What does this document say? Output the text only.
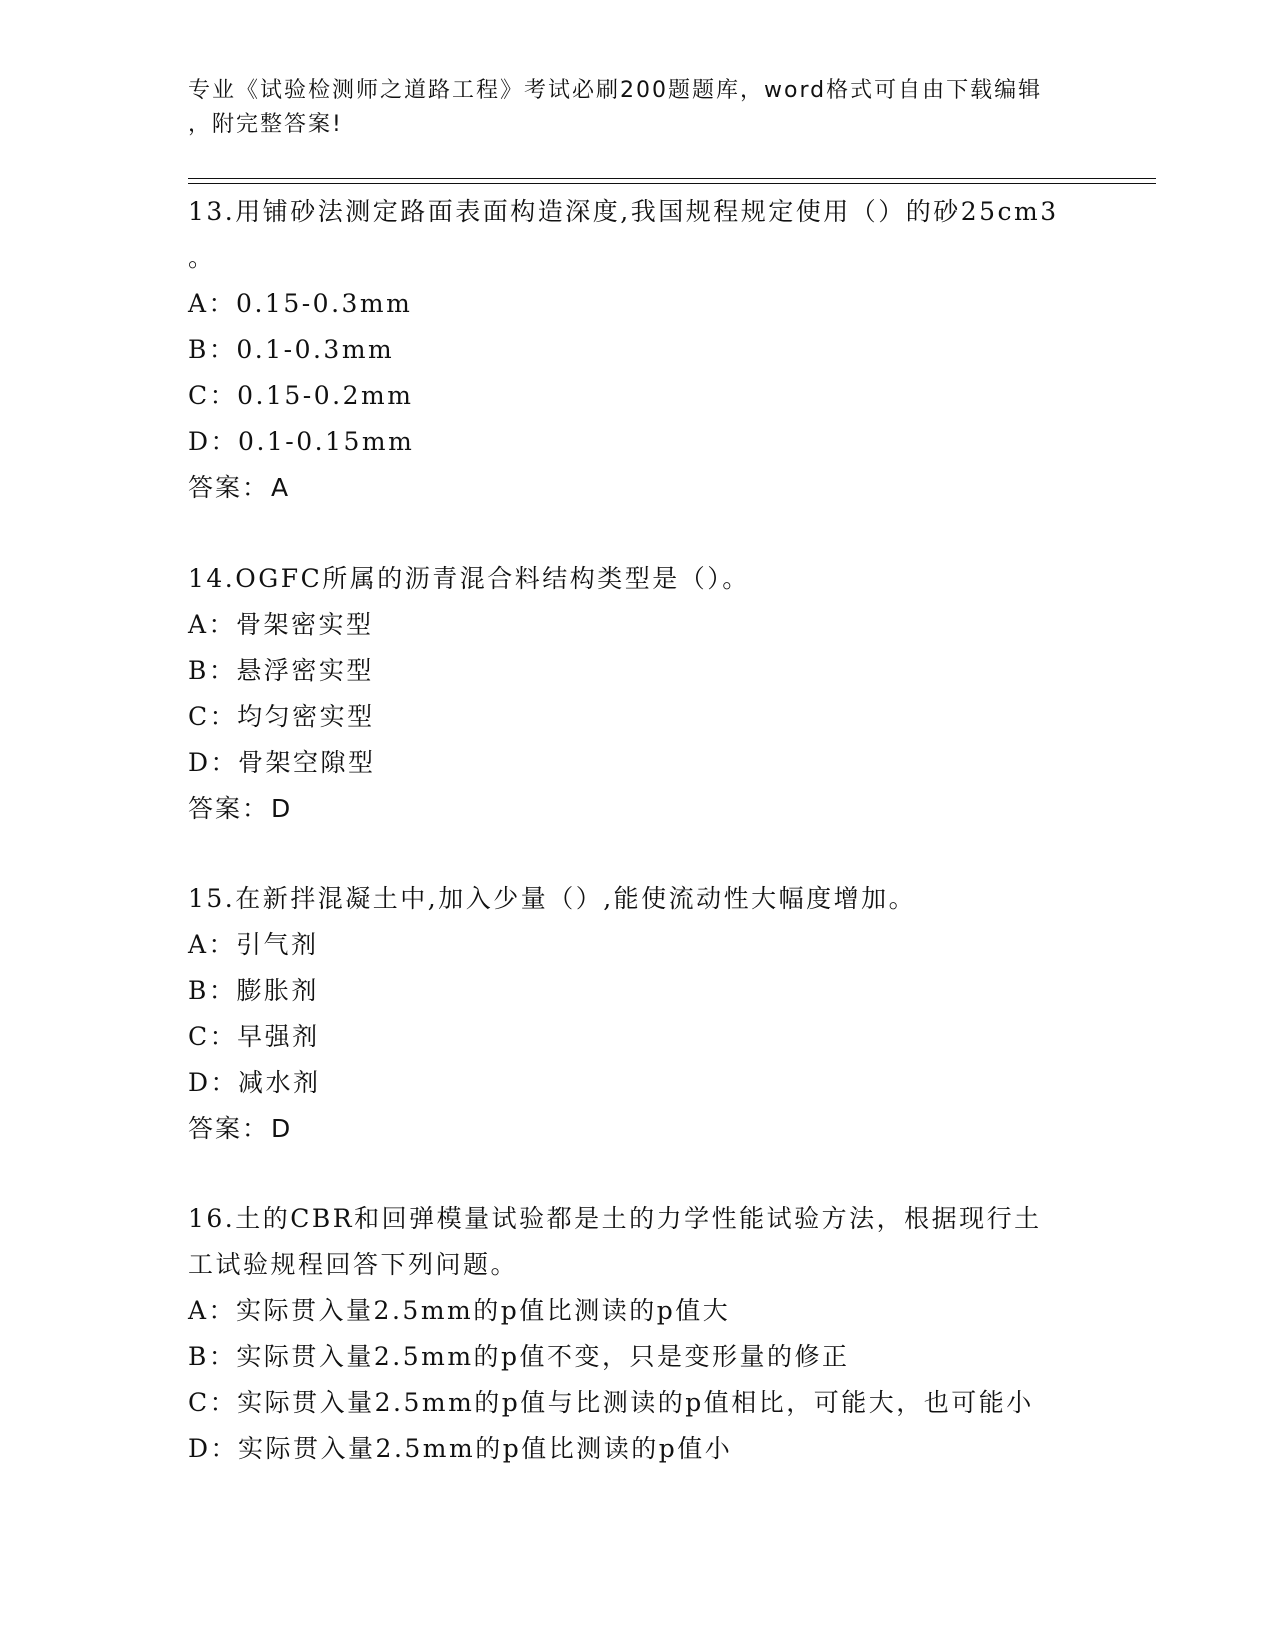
专业《试验检测师之道路工程》考试必刷200题题库，word格式可自由下载编辑

，附完整答案!

13.用铺砂法测定路面表面构造深度,我国规程规定使用（）的砂25cm3

。

A：0.15-0.3mm

B：0.1-0.3mm

C：0.15-0.2mm

D：0.1-0.15mm

答案：A

14.OGFC所属的沥青混合料结构类型是（）。

A：骨架密实型

B：悬浮密实型

C：均匀密实型

D：骨架空隙型

答案：D

15.在新拌混凝土中,加入少量（）,能使流动性大幅度增加。

A：引气剂

B：膨胀剂

C：早强剂

D：减水剂

答案：D

16.土的CBR和回弹模量试验都是土的力学性能试验方法，根据现行土

工试验规程回答下列问题。

A：实际贯入量2.5mm的p值比测读的p值大

B：实际贯入量2.5mm的p值不变，只是变形量的修正

C：实际贯入量2.5mm的p值与比测读的p值相比，可能大，也可能小

D：实际贯入量2.5mm的p值比测读的p值小
